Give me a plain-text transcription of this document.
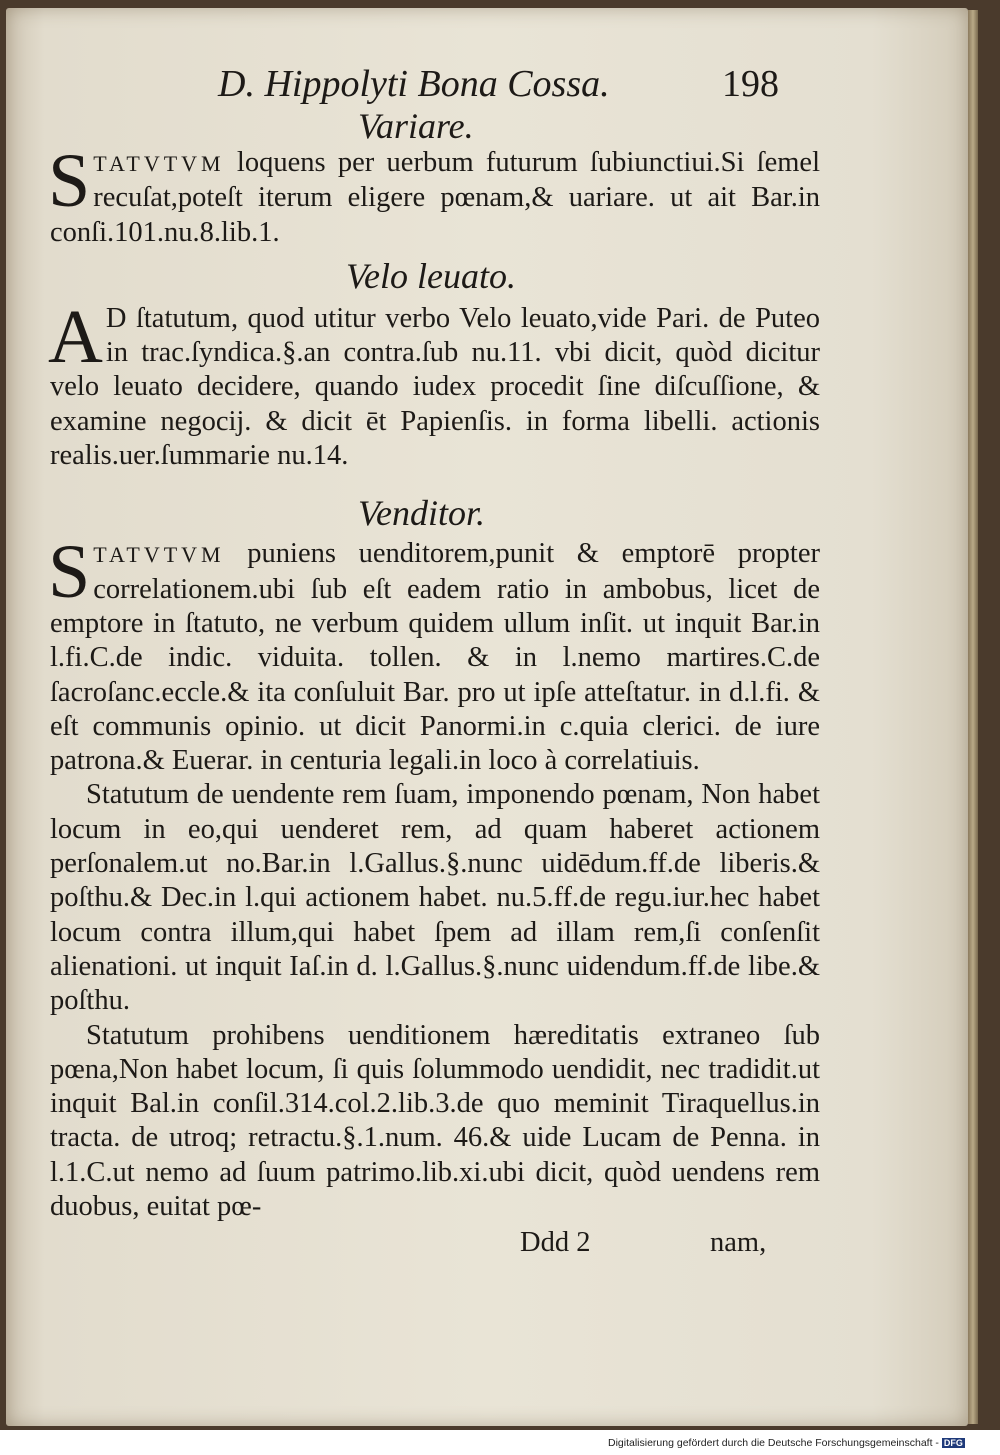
D. Hippolyti Bona Cossa.	198
Variare.

STATVTVM loquens per uerbum futurum ſubiunctiui.Si ſemel recuſat,poteſt iterum eligere pœnam,& uariare. ut ait Bar.in conſi.101.nu.8.lib.1.

Velo leuato.

A D ſtatutum, quod utitur verbo Velo leuato,vide Pari. de Puteo in trac.ſyndica.§.an contra.ſub nu.11. vbi dicit, quòd dicitur velo leuato decidere, quando iudex procedit ſine diſcuſſione, & examine negocij. & dicit ēt Papienſis. in forma libelli. actionis realis.uer.ſummarie nu.14.

Venditor.

STATVTVM puniens uenditorem,punit & emptorē propter correlationem.ubi ſub eſt eadem ratio in ambobus, licet de emptore in ſtatuto, ne verbum quidem ullum inſit. ut inquit Bar.in l.fi.C.de indic. viduita. tollen. & in l.nemo martires.C.de ſacroſanc.eccle.& ita conſuluit Bar. pro ut ipſe atteſtatur. in d.l.fi. & eſt communis opinio. ut dicit Panormi.in c.quia clerici. de iure patrona.& Euerar. in centuria legali.in loco à correlatiuis.

Statutum de uendente rem ſuam, imponendo pœnam, Non habet locum in eo,qui uenderet rem, ad quam haberet actionem perſonalem.ut no.Bar.in l.Gallus.§.nunc uidēdum.ff.de liberis.& poſthu.& Dec.in l.qui actionem habet. nu.5.ff.de regu.iur.hec habet locum contra illum,qui habet ſpem ad illam rem,ſi conſenſit alienationi. ut inquit Iaſ.in d. l.Gallus.§.nunc uidendum.ff.de libe.& poſthu.

Statutum prohibens uenditionem hæreditatis extraneo ſub pœna,Non habet locum, ſi quis ſolummodo uendidit, nec tradidit.ut inquit Bal.in conſil.314.col.2.lib.3.de quo meminit Tiraquellus.in tracta. de utroq; retractu.§.1.num. 46.& uide Lucam de Penna. in l.1.C.ut nemo ad ſuum patrimo.lib.xi.ubi dicit, quòd uendens rem duobus, euitat pœ-

Ddd 2	nam,
Digitalisierung gefördert durch die Deutsche Forschungsgemeinschaft - DFG
